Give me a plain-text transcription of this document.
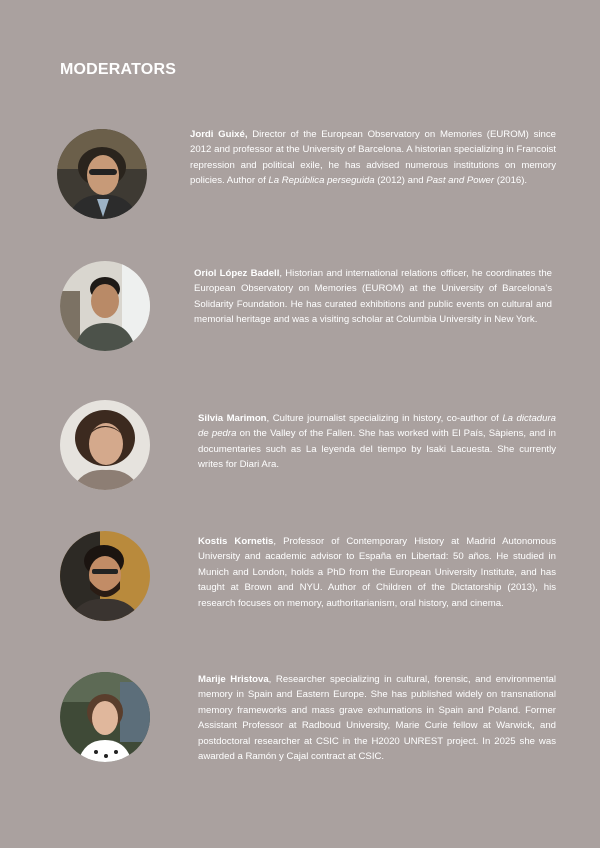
MODERATORS

Jordi Guixé, Director of the European Observatory on Memories (EUROM) since 2012 and professor at the University of Barcelona. A historian specializing in Francoist repression and political exile, he has advised numerous institutions on memory policies. Author of La República perseguida (2012) and Past and Power (2016).

Oriol López Badell, Historian and international relations officer, he coordinates the European Observatory on Memories (EUROM) at the University of Barcelona's Solidarity Foundation. He has curated exhibitions and public events on cultural and memorial heritage and was a visiting scholar at Columbia University in New York.

Silvia Marimon, Culture journalist specializing in history, co-author of La dictadura de pedra on the Valley of the Fallen. She has worked with El País, Sàpiens, and in documentaries such as La leyenda del tiempo by Isaki Lacuesta. She currently writes for Diari Ara.

Kostis Kornetis, Professor of Contemporary History at Madrid Autonomous University and academic advisor to España en Libertad: 50 años. He studied in Munich and London, holds a PhD from the European University Institute, and has taught at Brown and NYU. Author of Children of the Dictatorship (2013), his research focuses on memory, authoritarianism, oral history, and cinema.

Marije Hristova, Researcher specializing in cultural, forensic, and environmental memory in Spain and Eastern Europe. She has published widely on transnational memory frameworks and mass grave exhumations in Spain and Poland. Former Assistant Professor at Radboud University, Marie Curie fellow at Warwick, and postdoctoral researcher at CSIC in the H2020 UNREST project. In 2025 she was awarded a Ramón y Cajal contract at CSIC.
